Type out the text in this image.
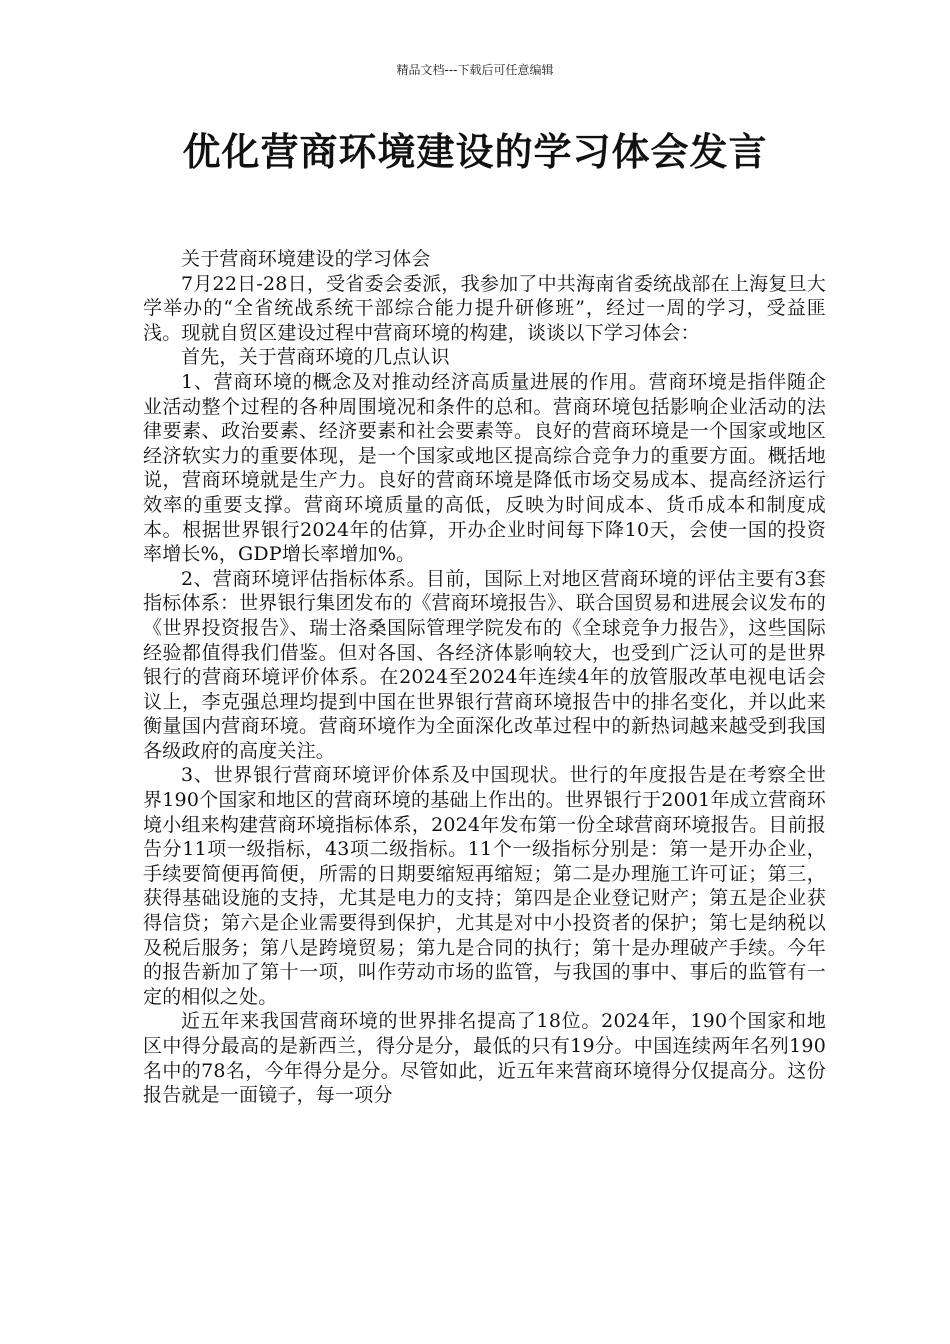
精品文档---下载后可任意编辑
优化营商环境建设的学习体会发言

关于营商环境建设的学习体会

7月22日-28日，受省委会委派，我参加了中共海南省委统战部在上海复旦大学举办的“全省统战系统干部综合能力提升研修班”，经过一周的学习，受益匪浅。现就自贸区建设过程中营商环境的构建，谈谈以下学习体会：

首先，关于营商环境的几点认识

1、营商环境的概念及对推动经济高质量进展的作用。营商环境是指伴随企业活动整个过程的各种周围境况和条件的总和。营商环境包括影响企业活动的法律要素、政治要素、经济要素和社会要素等。良好的营商环境是一个国家或地区经济软实力的重要体现，是一个国家或地区提高综合竞争力的重要方面。概括地说，营商环境就是生产力。良好的营商环境是降低市场交易成本、提高经济运行效率的重要支撑。营商环境质量的高低，反映为时间成本、货币成本和制度成本。根据世界银行2024年的估算，开办企业时间每下降10天，会使一国的投资率增长%，GDP增长率增加%。

2、营商环境评估指标体系。目前，国际上对地区营商环境的评估主要有3套指标体系：世界银行集团发布的《营商环境报告》、联合国贸易和进展会议发布的《世界投资报告》、瑞士洛桑国际管理学院发布的《全球竞争力报告》，这些国际经验都值得我们借鉴。但对各国、各经济体影响较大，也受到广泛认可的是世界银行的营商环境评价体系。在2024至2024年连续4年的放管服改革电视电话会议上，李克强总理均提到中国在世界银行营商环境报告中的排名变化，并以此来衡量国内营商环境。营商环境作为全面深化改革过程中的新热词越来越受到我国各级政府的高度关注。

3、世界银行营商环境评价体系及中国现状。世行的年度报告是在考察全世界190个国家和地区的营商环境的基础上作出的。世界银行于2001年成立营商环境小组来构建营商环境指标体系，2024年发布第一份全球营商环境报告。目前报告分11项一级指标，43项二级指标。11个一级指标分别是：第一是开办企业，手续要简便再简便，所需的日期要缩短再缩短；第二是办理施工许可证；第三，获得基础设施的支持，尤其是电力的支持；第四是企业登记财产；第五是企业获得信贷；第六是企业需要得到保护，尤其是对中小投资者的保护；第七是纳税以及税后服务；第八是跨境贸易；第九是合同的执行；第十是办理破产手续。今年的报告新加了第十一项，叫作劳动市场的监管，与我国的事中、事后的监管有一定的相似之处。

近五年来我国营商环境的世界排名提高了18位。2024年，190个国家和地区中得分最高的是新西兰，得分是分，最低的只有19分。中国连续两年名列190名中的78名，今年得分是分。尽管如此，近五年来营商环境得分仅提高分。这份报告就是一面镜子，每一项分
